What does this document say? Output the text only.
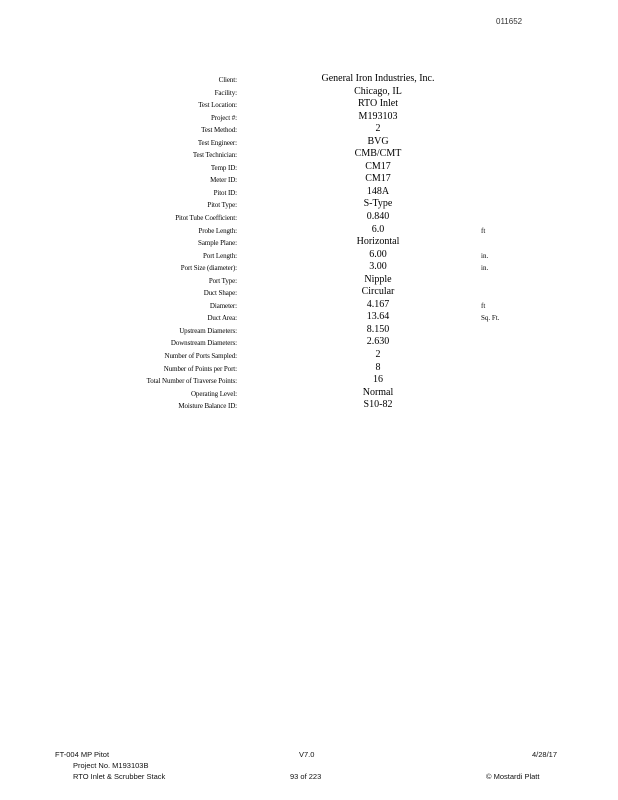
011652
Client:	General Iron Industries, Inc.
Facility:	Chicago, IL
Test Location:	RTO Inlet
Project #:	M193103
Test Method:	2
Test Engineer:	BVG
Test Technician:	CMB/CMT
Temp ID:	CM17
Meter ID:	CM17
Pitot ID:	148A
Pitot Type:	S-Type
Pitot Tube Coefficient:	0.840
Probe Length:	6.0	ft
Sample Plane:	Horizontal
Port Length:	6.00	in.
Port Size (diameter):	3.00	in.
Port Type:	Nipple
Duct Shape:	Circular
Diameter:	4.167	ft
Duct Area:	13.64	Sq. Ft.
Upstream Diameters:	8.150
Downstream Diameters:	2.630
Number of Ports Sampled:	2
Number of Points per Port:	8
Total Number of Traverse Points:	16
Operating Level:	Normal
Moisture Balance ID:	S10-82
FT-004 MP Pitot	V7.0	4/28/17
Project No. M193103B
RTO Inlet & Scrubber Stack	93 of 223	© Mostardi Platt
